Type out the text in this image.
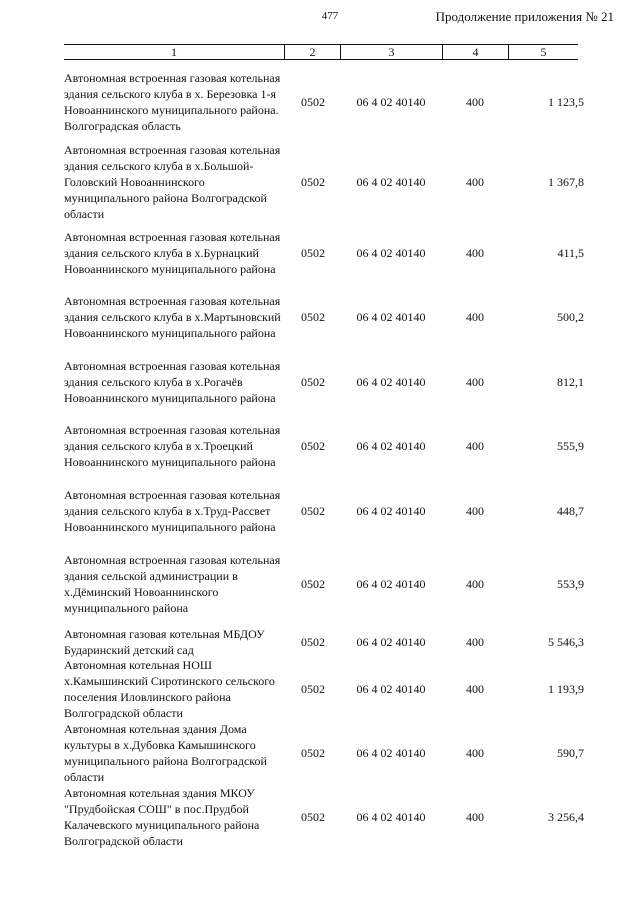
477	Продолжение приложения № 21
1	2	3	4	5
Автономная встроенная газовая котельная здания сельского клуба в х. Березовка 1-я Новоаннинского муниципального района. Волгоградская область
0502	06 4 02 40140	400	1 123,5
Автономная встроенная газовая котельная здания сельского клуба в х.Большой-Головский Новоаннинского муниципального района Волгоградской области
0502	06 4 02 40140	400	1 367,8
Автономная встроенная газовая котельная здания сельского клуба в х.Бурнацкий Новоаннинского муниципального района
0502	06 4 02 40140	400	411,5
Автономная встроенная газовая котельная здания сельского клуба в х.Мартыновский Новоаннинского муниципального района
0502	06 4 02 40140	400	500,2
Автономная встроенная газовая котельная здания сельского клуба в х.Рогачёв Новоаннинского муниципального района
0502	06 4 02 40140	400	812,1
Автономная встроенная газовая котельная здания сельского клуба в х.Троецкий Новоаннинского муниципального района
0502	06 4 02 40140	400	555,9
Автономная встроенная газовая котельная здания сельского клуба в х.Труд-Рассвет Новоаннинского муниципального района
0502	06 4 02 40140	400	448,7
Автономная встроенная газовая котельная здания сельской администрации в х.Дёминский Новоаннинского муниципального района
0502	06 4 02 40140	400	553,9
Автономная газовая котельная МБДОУ Бударинский детский сад
0502	06 4 02 40140	400	5 546,3
Автономная котельная НОШ х.Камышинский Сиротинского сельского поселения Иловлинского района Волгоградской области
0502	06 4 02 40140	400	1 193,9
Автономная котельная здания Дома культуры в х.Дубовка Камышинского муниципального района Волгоградской области
0502	06 4 02 40140	400	590,7
Автономная котельная здания МКОУ "Прудбойская СОШ" в пос.Прудбой Калачевского муниципального района Волгоградской области
0502	06 4 02 40140	400	3 256,4
